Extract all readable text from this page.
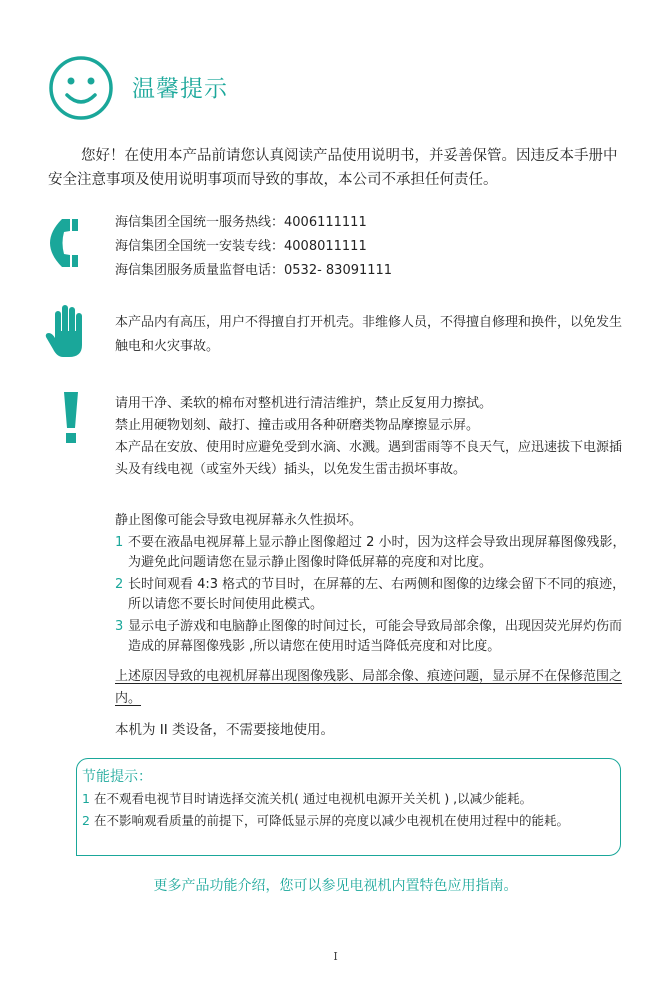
温馨提示

您好！在使用本产品前请您认真阅读产品使用说明书，并妥善保管。因违反本手册中安全注意事项及使用说明事项而导致的事故，本公司不承担任何责任。

海信集团全国统一服务热线：4006111111

海信集团全国统一安装专线：4008011111

海信集团服务质量监督电话：0532- 83091111

本产品内有高压，用户不得擅自打开机壳。非维修人员，不得擅自修理和换件，以免发生触电和火灾事故。

请用干净、柔软的棉布对整机进行清洁维护，禁止反复用力擦拭。

禁止用硬物划刻、敲打、撞击或用各种研磨类物品摩擦显示屏。

本产品在安放、使用时应避免受到水滴、水溅。遇到雷雨等不良天气，应迅速拔下电源插头及有线电视（或室外天线）插头，以免发生雷击损坏事故。

静止图像可能会导致电视屏幕永久性损坏。

1 不要在液晶电视屏幕上显示静止图像超过 2 小时，因为这样会导致出现屏幕图像残影，为避免此问题请您在显示静止图像时降低屏幕的亮度和对比度。
2 长时间观看 4:3 格式的节目时，在屏幕的左、右两侧和图像的边缘会留下不同的痕迹，所以请您不要长时间使用此模式。
3 显示电子游戏和电脑静止图像的时间过长，可能会导致局部余像，出现因荧光屏灼伤而造成的屏幕图像残影 ,所以请您在使用时适当降低亮度和对比度。

上述原因导致的电视机屏幕出现图像残影、局部余像、痕迹问题，显示屏不在保修范围之内。

本机为 II 类设备，不需要接地使用。

节能提示：

1 在不观看电视节目时请选择交流关机( 通过电视机电源开关关机 ) ,以减少能耗。
2 在不影响观看质量的前提下，可降低显示屏的亮度以减少电视机在使用过程中的能耗。

更多产品功能介绍，您可以参见电视机内置特色应用指南。

I
